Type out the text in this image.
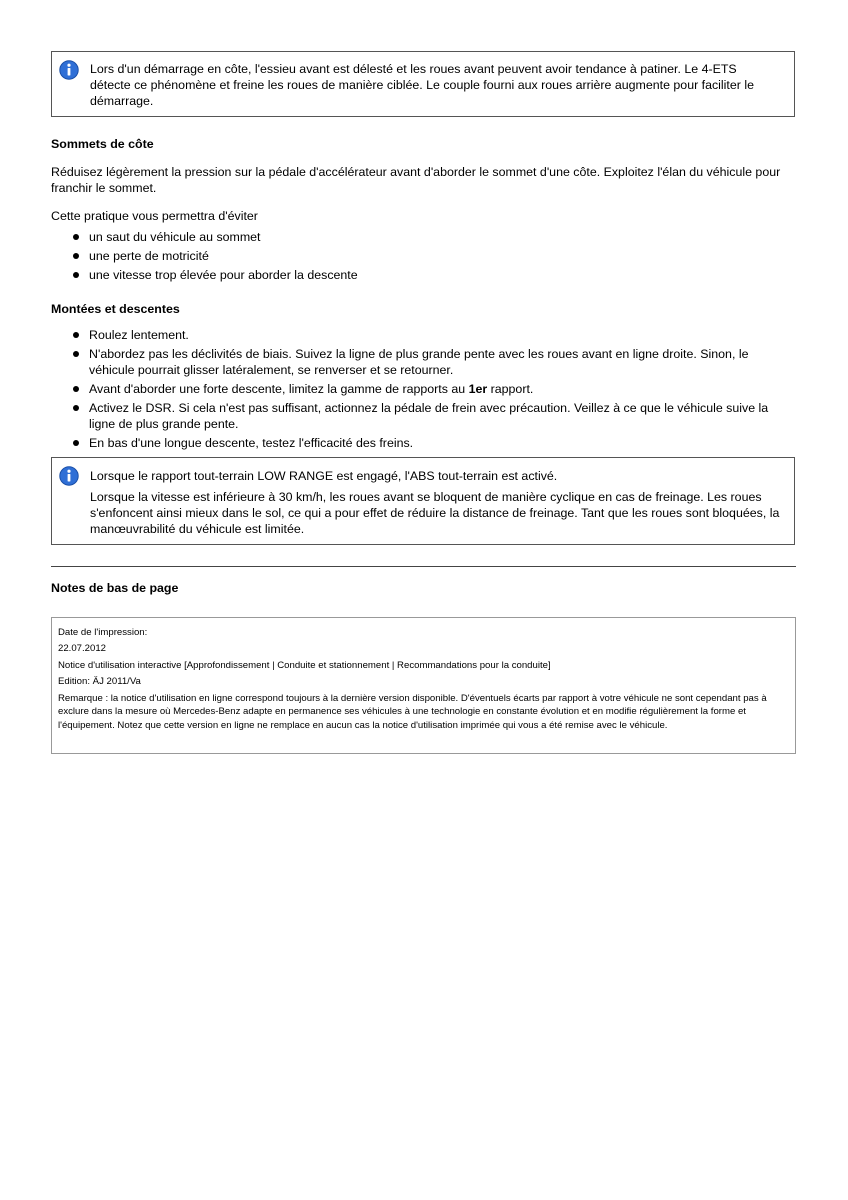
Lors d'un démarrage en côte, l'essieu avant est délesté et les roues avant peuvent avoir tendance à patiner. Le 4-ETS détecte ce phénomène et freine les roues de manière ciblée. Le couple fourni aux roues arrière augmente pour faciliter le démarrage.

Sommets de côte

Réduisez légèrement la pression sur la pédale d'accélérateur avant d'aborder le sommet d'une côte. Exploitez l'élan du véhicule pour franchir le sommet.

Cette pratique vous permettra d'éviter

un saut du véhicule au sommet
une perte de motricité
une vitesse trop élevée pour aborder la descente
Montées et descentes
Roulez lentement.
N'abordez pas les déclivités de biais. Suivez la ligne de plus grande pente avec les roues avant en ligne droite. Sinon, le véhicule pourrait glisser latéralement, se renverser et se retourner.
Avant d'aborder une forte descente, limitez la gamme de rapports au 1er rapport.
Activez le DSR. Si cela n'est pas suffisant, actionnez la pédale de frein avec précaution. Veillez à ce que le véhicule suive la ligne de plus grande pente.
En bas d'une longue descente, testez l'efficacité des freins.

Lorsque le rapport tout-terrain LOW RANGE est engagé, l'ABS tout-terrain est activé.

Lorsque la vitesse est inférieure à 30 km/h, les roues avant se bloquent de manière cyclique en cas de freinage. Les roues s'enfoncent ainsi mieux dans le sol, ce qui a pour effet de réduire la distance de freinage. Tant que les roues sont bloquées, la manœuvrabilité du véhicule est limitée.

Notes de bas de page
Date de l'impression:
22.07.2012
Notice d'utilisation interactive [Approfondissement | Conduite et stationnement | Recommandations pour la conduite]
Edition: ÄJ 2011/Va
Remarque : la notice d'utilisation en ligne correspond toujours à la dernière version disponible. D'éventuels écarts par rapport à votre véhicule ne sont cependant pas à exclure dans la mesure où Mercedes-Benz adapte en permanence ses véhicules à une technologie en constante évolution et en modifie régulièrement la forme et l'équipement. Notez que cette version en ligne ne remplace en aucun cas la notice d'utilisation imprimée qui vous a été remise avec le véhicule.
